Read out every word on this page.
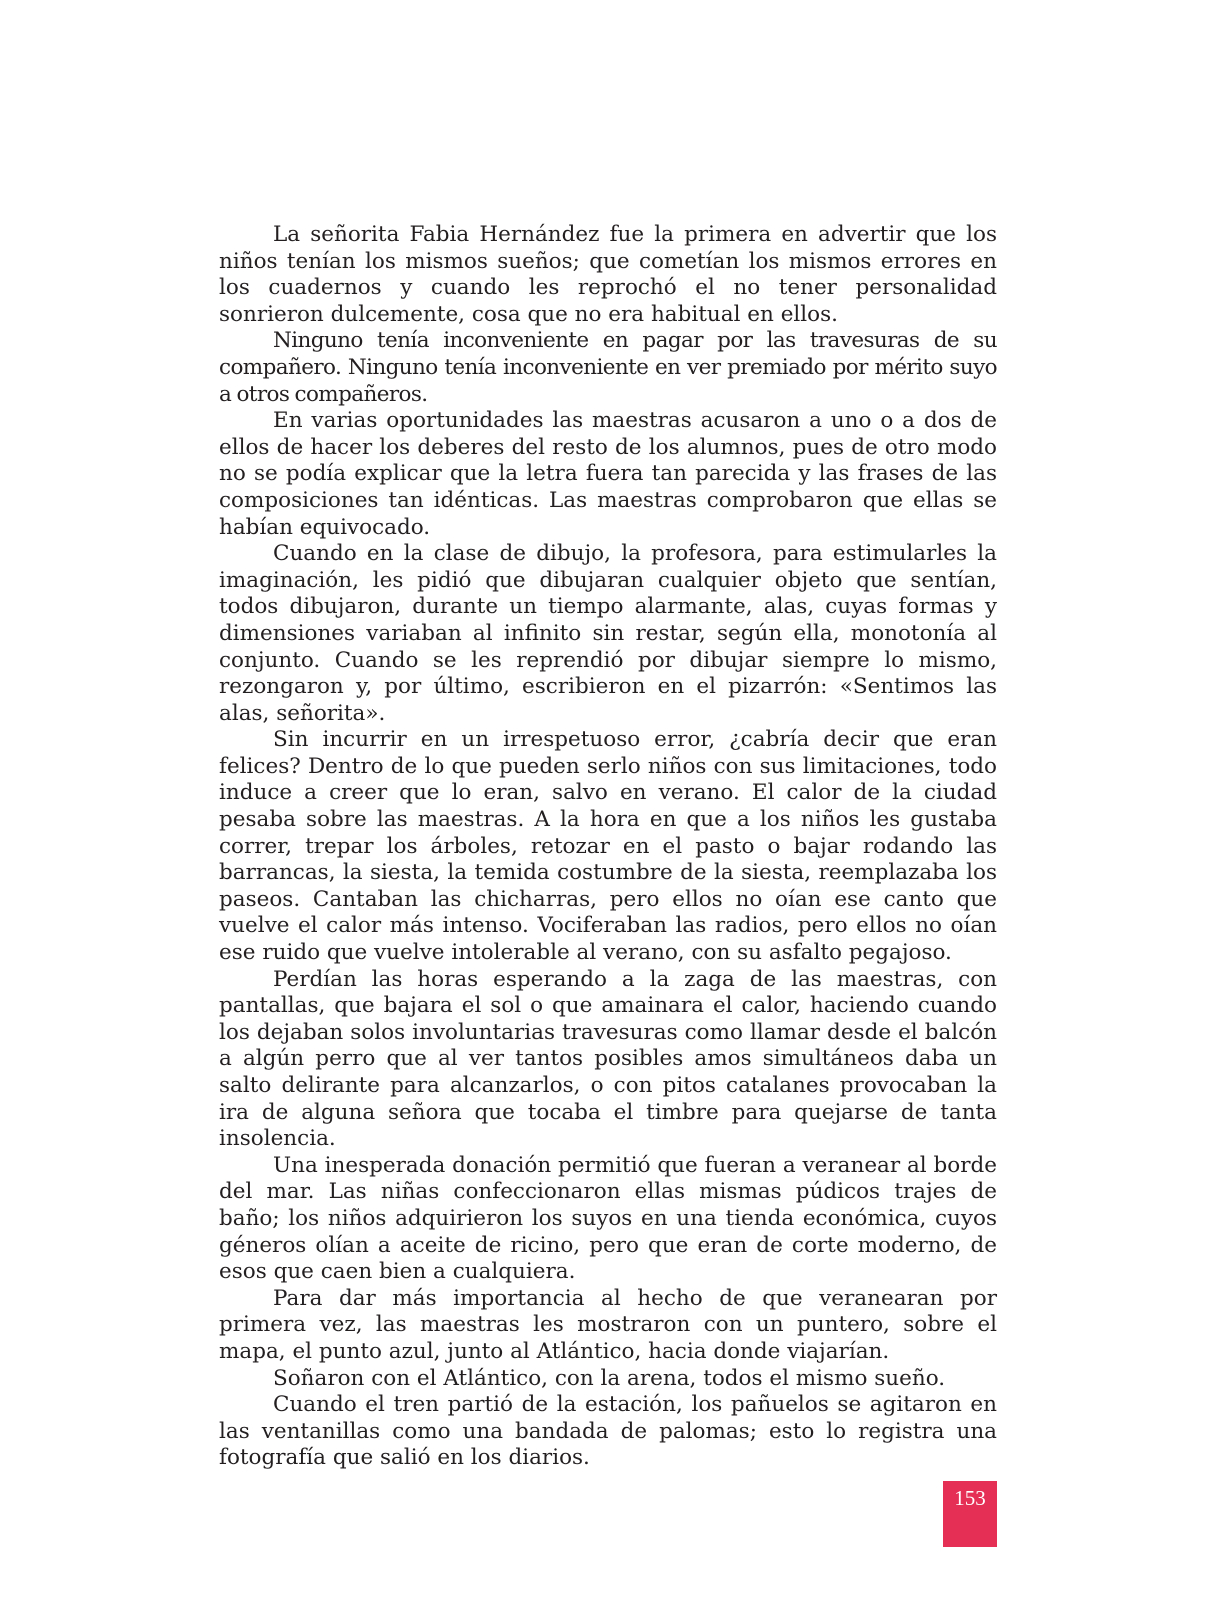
La señorita Fabia Hernández fue la primera en advertir que los niños tenían los mismos sueños; que cometían los mismos errores en los cuadernos y cuando les reprochó el no tener personalidad sonrieron dulcemente, cosa que no era habitual en ellos.

Ninguno tenía inconveniente en pagar por las travesuras de su compañero. Ninguno tenía inconveniente en ver premiado por mérito suyo a otros compañeros.

En varias oportunidades las maestras acusaron a uno o a dos de ellos de hacer los deberes del resto de los alumnos, pues de otro modo no se podía explicar que la letra fuera tan parecida y las frases de las composiciones tan idénticas. Las maestras comprobaron que ellas se habían equivocado.

Cuando en la clase de dibujo, la profesora, para estimularles la imaginación, les pidió que dibujaran cualquier objeto que sentían, todos dibujaron, durante un tiempo alarmante, alas, cuyas formas y dimensiones variaban al infinito sin restar, según ella, monotonía al conjunto. Cuando se les reprendió por dibujar siempre lo mismo, rezongaron y, por último, escribieron en el pizarrón: «Sentimos las alas, señorita».

Sin incurrir en un irrespetuoso error, ¿cabría decir que eran felices? Dentro de lo que pueden serlo niños con sus limitaciones, todo induce a creer que lo eran, salvo en verano. El calor de la ciudad pesaba sobre las maestras. A la hora en que a los niños les gustaba correr, trepar los árboles, retozar en el pasto o bajar rodando las barrancas, la siesta, la temida costumbre de la siesta, reemplazaba los paseos. Cantaban las chicharras, pero ellos no oían ese canto que vuelve el calor más intenso. Vociferaban las radios, pero ellos no oían ese ruido que vuelve intolerable al verano, con su asfalto pegajoso.

Perdían las horas esperando a la zaga de las maestras, con pantallas, que bajara el sol o que amainara el calor, haciendo cuando los dejaban solos involuntarias travesuras como llamar desde el balcón a algún perro que al ver tantos posibles amos simultáneos daba un salto delirante para alcanzarlos, o con pitos catalanes provocaban la ira de alguna señora que tocaba el timbre para quejarse de tanta insolencia.

Una inesperada donación permitió que fueran a veranear al borde del mar. Las niñas confeccionaron ellas mismas púdicos trajes de baño; los niños adquirieron los suyos en una tienda económica, cuyos géneros olían a aceite de ricino, pero que eran de corte moderno, de esos que caen bien a cualquiera.

Para dar más importancia al hecho de que veranearan por primera vez, las maestras les mostraron con un puntero, sobre el mapa, el punto azul, junto al Atlántico, hacia donde viajarían.

Soñaron con el Atlántico, con la arena, todos el mismo sueño.

Cuando el tren partió de la estación, los pañuelos se agitaron en las ventanillas como una bandada de palomas; esto lo registra una fotografía que salió en los diarios.

153
